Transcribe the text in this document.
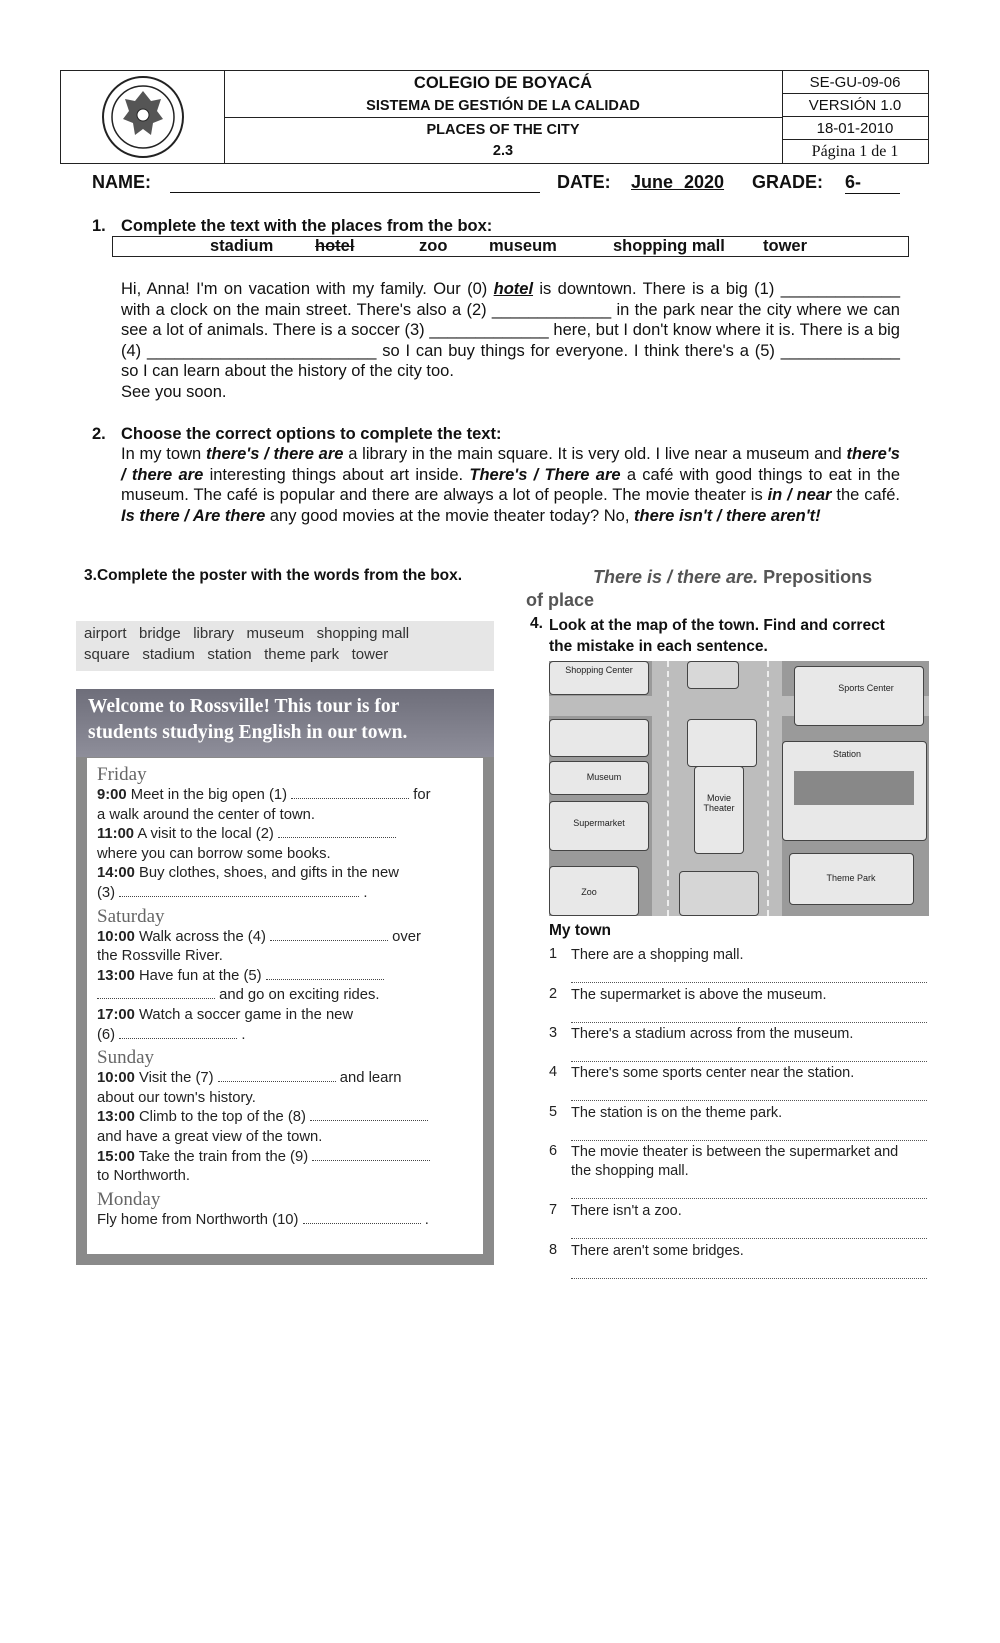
COLEGIO DE BOYACÁ
SISTEMA DE GESTIÓN DE LA CALIDAD
PLACES OF THE CITY
2.3
SE-GU-09-06
VERSIÓN 1.0
18-01-2010
Página 1 de 1
NAME:	DATE: June 2020 GRADE: 6-
1. Complete the text with the places from the box:
stadium	hotel	zoo	museum	shopping mall tower
Hi, Anna! I'm on vacation with my family. Our (0) hotel is downtown. There is a big (1) _____________ with a clock on the main street. There's also a (2) _____________ in the park near the city where we can see a lot of animals. There is a soccer (3) _____________ here, but I don't know where it is. There is a big (4) _________________________ so I can buy things for everyone. I think there's a (5) _____________ so I can learn about the history of the city too.
See you soon.
2. Choose the correct options to complete the text:
In my town there's / there are a library in the main square. It is very old. I live near a museum and there's / there are interesting things about art inside. There's / There are a café with good things to eat in the museum. The café is popular and there are always a lot of people. The movie theater is in / near the café. Is there / Are there any good movies at the movie theater today? No, there isn't / there aren't!
3.Complete the poster with the words from the box.
airport   bridge   library   museum   shopping mall
square   stadium   station   theme park   tower
Welcome to Rossville! This tour is for
students studying English in our town.
Friday
9:00 Meet in the big open (1)	for
a walk around the center of town.
11:00 A visit to the local (2)
where you can borrow some books.
14:00 Buy clothes, shoes, and gifts in the new
(3)	.
Saturday
10:00 Walk across the (4)	over
the Rossville River.
13:00 Have fun at the (5)
and go on exciting rides.
17:00 Watch a soccer game in the new
(6)	.
Sunday
10:00 Visit the (7)	and learn
about our town's history.
13:00 Climb to the top of the (8)
and have a great view of the town.
15:00 Take the train from the (9)
to Northworth.
Monday
Fly home from Northworth (10)	.
There is / there are. Prepositions
of place
4. Look at the map of the town. Find and correct
the mistake in each sentence.
Shopping Center
Sports Center
Museum
Supermarket
Movie Theater
Station
Zoo
Theme Park
My town
1 There are a shopping mall.
2 The supermarket is above the museum.
3 There's a stadium across from the museum.
4 There's some sports center near the station.
5 The station is on the theme park.
6 The movie theater is between the supermarket and the shopping mall.
7 There isn't a zoo.
8 There aren't some bridges.
